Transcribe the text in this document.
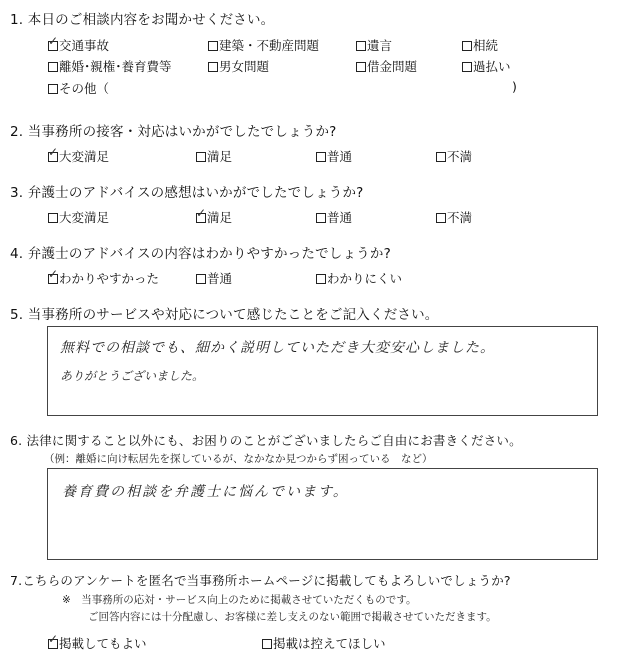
1. 本日のご相談内容をお聞かせください。
✓ 交通事故	建築・不動産問題	遺言	相続
離婚･親権･養育費等	男女問題	借金問題	過払い
その他（	)
2. 当事務所の接客・対応はいかがでしたでしょうか?
✓ 大変満足	満足	普通	不満
3. 弁護士のアドバイスの感想はいかがでしたでしょうか?
大変満足	✓ 満足	普通	不満
4. 弁護士のアドバイスの内容はわかりやすかったでしょうか?
✓ わかりやすかった	普通	わかりにくい
5. 当事務所のサービスや対応について感じたことをご記入ください。
無料での相談でも、細かく説明していただき大変安心しました。
ありがとうございました。
6. 法律に関すること以外にも、お困りのことがございましたらご自由にお書きください。
（例：離婚に向け転居先を探しているが、なかなか見つからず困っている　など）
養育費の相談を弁護士に悩んでいます。
7.こちらのアンケートを匿名で当事務所ホームページに掲載してもよろしいでしょうか?
※　当事務所の応対・サービス向上のために掲載させていただくものです。
ご回答内容には十分配慮し、お客様に差し支えのない範囲で掲載させていただきます。
✓ 掲載してもよい	掲載は控えてほしい
